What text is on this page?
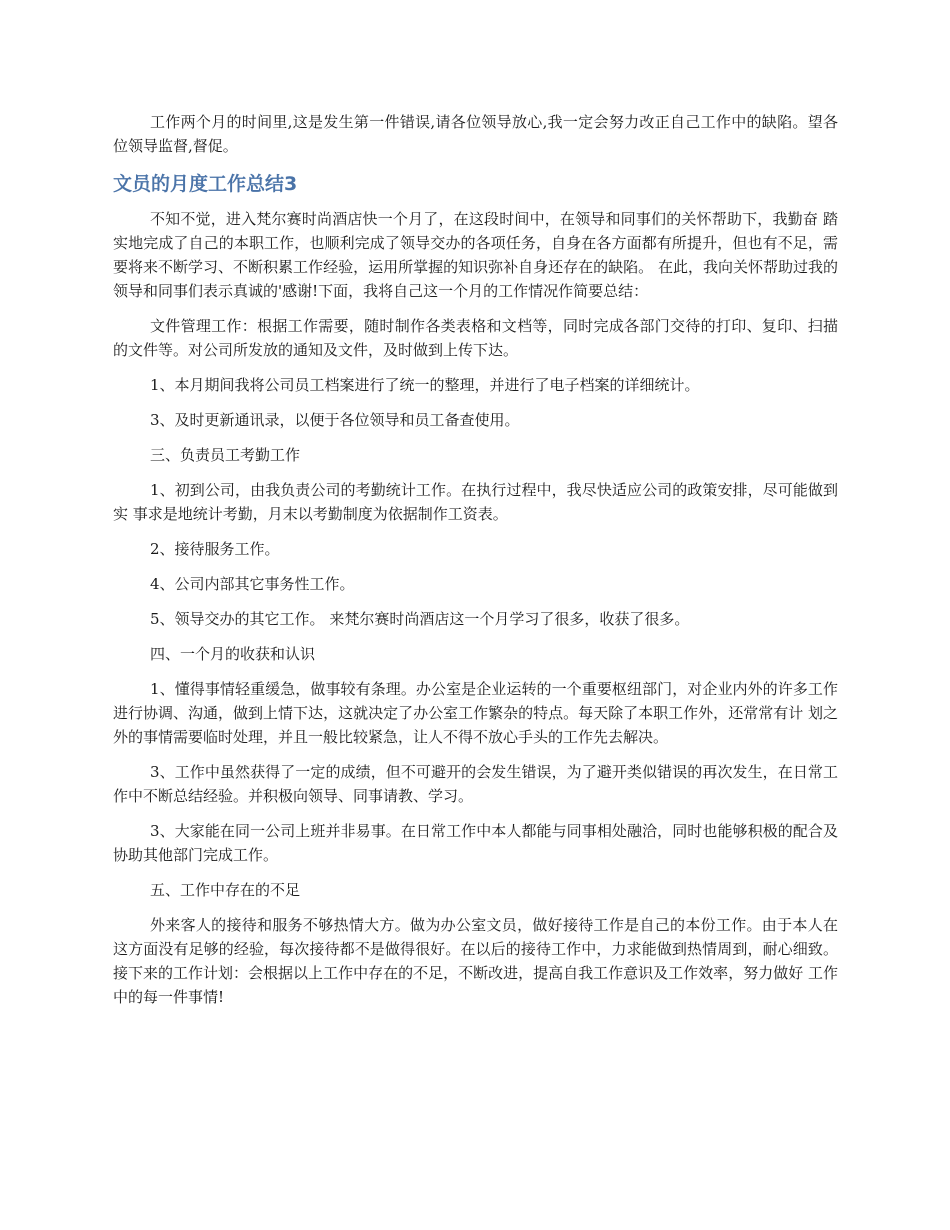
工作两个月的时间里,这是发生第一件错误,请各位领导放心,我一定会努力改正自己工作中的缺陷。望各位领导监督,督促。

文员的月度工作总结3

不知不觉，进入梵尔赛时尚酒店快一个月了，在这段时间中，在领导和同事们的关怀帮助下，我勤奋 踏实地完成了自己的本职工作，也顺利完成了领导交办的各项任务，自身在各方面都有所提升，但也有不足，需要将来不断学习、不断积累工作经验，运用所掌握的知识弥补自身还存在的缺陷。 在此，我向关怀帮助过我的领导和同事们表示真诚的'感谢!下面，我将自己这一个月的工作情况作简要总结：

文件管理工作：根据工作需要，随时制作各类表格和文档等，同时完成各部门交待的打印、复印、扫描 的文件等。对公司所发放的通知及文件，及时做到上传下达。

1、本月期间我将公司员工档案进行了统一的整理，并进行了电子档案的详细统计。

3、及时更新通讯录，以便于各位领导和员工备查使用。

三、负责员工考勤工作

1、初到公司，由我负责公司的考勤统计工作。在执行过程中，我尽快适应公司的政策安排，尽可能做到实 事求是地统计考勤，月末以考勤制度为依据制作工资表。

2、接待服务工作。

4、公司内部其它事务性工作。

5、领导交办的其它工作。 来梵尔赛时尚酒店这一个月学习了很多，收获了很多。

四、一个月的收获和认识

1、懂得事情轻重缓急，做事较有条理。办公室是企业运转的一个重要枢纽部门，对企业内外的许多工作 进行协调、沟通，做到上情下达，这就决定了办公室工作繁杂的特点。每天除了本职工作外，还常常有计 划之外的事情需要临时处理，并且一般比较紧急，让人不得不放心手头的工作先去解决。

3、工作中虽然获得了一定的成绩，但不可避开的会发生错误，为了避开类似错误的再次发生，在日常工 作中不断总结经验。并积极向领导、同事请教、学习。

3、大家能在同一公司上班并非易事。在日常工作中本人都能与同事相处融洽，同时也能够积极的配合及 协助其他部门完成工作。

五、工作中存在的不足

外来客人的接待和服务不够热情大方。做为办公室文员，做好接待工作是自己的本份工作。由于本人在 这方面没有足够的经验，每次接待都不是做得很好。在以后的接待工作中，力求能做到热情周到，耐心细致。 接下来的工作计划：会根据以上工作中存在的不足，不断改进，提高自我工作意识及工作效率，努力做好 工作中的每一件事情!
